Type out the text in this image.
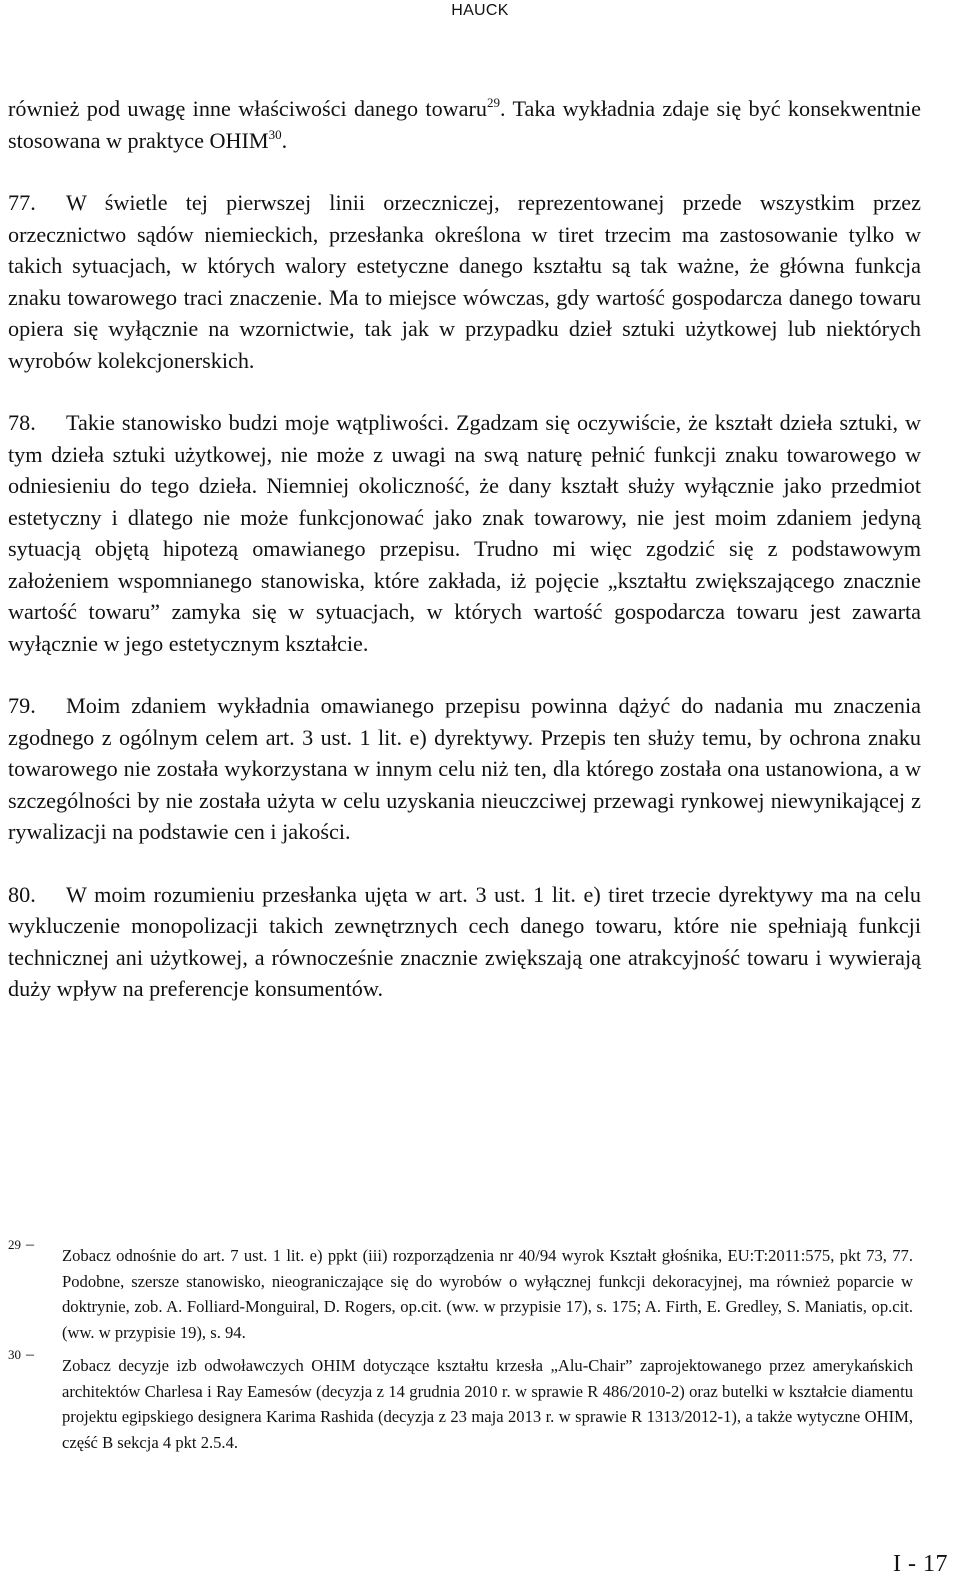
HAUCK

również pod uwagę inne właściwości danego towaru$^{29}$. Taka wykładnia zdaje się być konsekwentnie stosowana w praktyce OHIM$^{30}$.

77. W świetle tej pierwszej linii orzeczniczej, reprezentowanej przede wszystkim przez orzecznictwo sądów niemieckich, przesłanka określona w tiret trzecim ma zastosowanie tylko w takich sytuacjach, w których walory estetyczne danego kształtu są tak ważne, że główna funkcja znaku towarowego traci znaczenie. Ma to miejsce wówczas, gdy wartość gospodarcza danego towaru opiera się wyłącznie na wzornictwie, tak jak w przypadku dzieł sztuki użytkowej lub niektórych wyrobów kolekcjonerskich.

78. Takie stanowisko budzi moje wątpliwości. Zgadzam się oczywiście, że kształt dzieła sztuki, w tym dzieła sztuki użytkowej, nie może z uwagi na swą naturę pełnić funkcji znaku towarowego w odniesieniu do tego dzieła. Niemniej okoliczność, że dany kształt służy wyłącznie jako przedmiot estetyczny i dlatego nie może funkcjonować jako znak towarowy, nie jest moim zdaniem jedyną sytuacją objętą hipotezą omawianego przepisu. Trudno mi więc zgodzić się z podstawowym założeniem wspomnianego stanowiska, które zakłada, iż pojęcie „kształtu zwiększającego znacznie wartość towaru” zamyka się w sytuacjach, w których wartość gospodarcza towaru jest zawarta wyłącznie w jego estetycznym kształcie.

79. Moim zdaniem wykładnia omawianego przepisu powinna dążyć do nadania mu znaczenia zgodnego z ogólnym celem art. 3 ust. 1 lit. e) dyrektywy. Przepis ten służy temu, by ochrona znaku towarowego nie została wykorzystana w innym celu niż ten, dla którego została ona ustanowiona, a w szczególności by nie została użyta w celu uzyskania nieuczciwej przewagi rynkowej niewynikającej z rywalizacji na podstawie cen i jakości.

80. W moim rozumieniu przesłanka ujęta w art. 3 ust. 1 lit. e) tiret trzecie dyrektywy ma na celu wykluczenie monopolizacji takich zewnętrznych cech danego towaru, które nie spełniają funkcji technicznej ani użytkowej, a równocześnie znacznie zwiększają one atrakcyjność towaru i wywierają duży wpływ na preferencje konsumentów.

29 –
Zobacz odnośnie do art. 7 ust. 1 lit. e) ppkt (iii) rozporządzenia nr 40/94 wyrok Kształt głośnika, EU:T:2011:575, pkt 73, 77. Podobne, szersze stanowisko, nieograniczające się do wyrobów o wyłącznej funkcji dekoracyjnej, ma również poparcie w doktrynie, zob. A. Folliard-Monguiral, D. Rogers, op.cit. (ww. w przypisie 17), s. 175; A. Firth, E. Gredley, S. Maniatis, op.cit. (ww. w przypisie 19), s. 94.
30 –
Zobacz decyzje izb odwoławczych OHIM dotyczące kształtu krzesła „Alu-Chair” zaprojektowanego przez amerykańskich architektów Charlesa i Ray Eamesów (decyzja z 14 grudnia 2010 r. w sprawie R 486/2010-2) oraz butelki w kształcie diamentu projektu egipskiego designera Karima Rashida (decyzja z 23 maja 2013 r. w sprawie R 1313/2012-1), a także wytyczne OHIM, część B sekcja 4 pkt 2.5.4.
I - 17
